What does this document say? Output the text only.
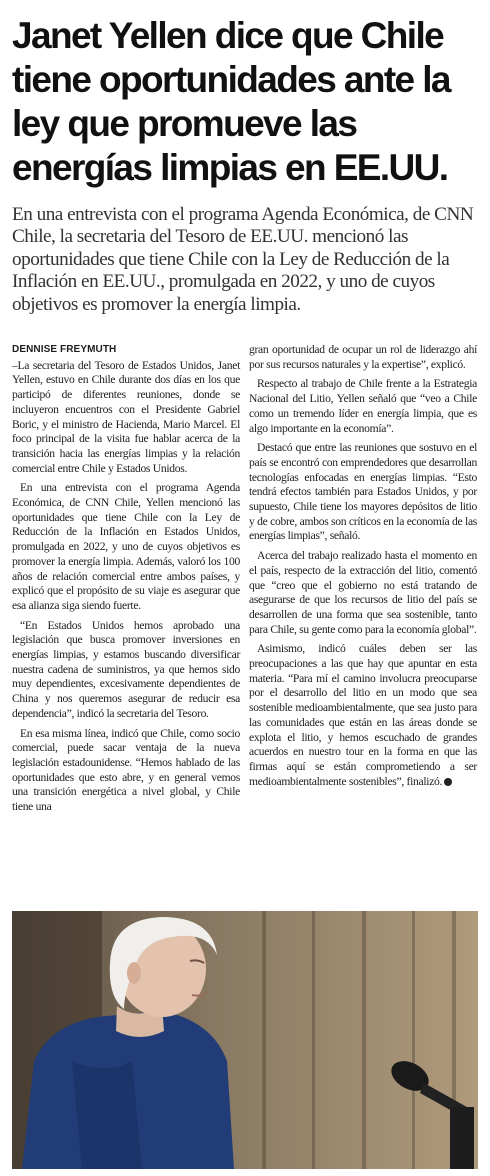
Janet Yellen dice que Chile tiene oportunidades ante la ley que promueve las energías limpias en EE.UU.

En una entrevista con el programa Agenda Económica, de CNN Chile, la secretaria del Tesoro de EE.UU. mencionó las oportunidades que tiene Chile con la Ley de Reducción de la Inflación en EE.UU., promulgada en 2022, y uno de cuyos objetivos es promover la energía limpia.

DENNISE FREYMUTH

–La secretaria del Tesoro de Estados Unidos, Janet Yellen, estuvo en Chile durante dos días en los que participó de diferentes reuniones, donde se incluyeron encuentros con el Presidente Gabriel Boric, y el ministro de Hacienda, Mario Marcel. El foco principal de la visita fue hablar acerca de la transición hacia las energías limpias y la relación comercial entre Chile y Estados Unidos.

En una entrevista con el programa Agenda Económica, de CNN Chile, Yellen mencionó las oportunidades que tiene Chile con la Ley de Reducción de la Inflación en Estados Unidos, promulgada en 2022, y uno de cuyos objetivos es promover la energía limpia. Además, valoró los 100 años de relación comercial entre ambos países, y explicó que el propósito de su viaje es asegurar que esa alianza siga siendo fuerte.

“En Estados Unidos hemos aprobado una legislación que busca promover inversiones en energías limpias, y estamos buscando diversificar nuestra cadena de suministros, ya que hemos sido muy dependientes, excesivamente dependientes de China y nos queremos asegurar de reducir esa dependencia”, indicó la secretaria del Tesoro.

En esa misma línea, indicó que Chile, como socio comercial, puede sacar ventaja de la nueva legislación estadounidense. “Hemos hablado de las oportunidades que esto abre, y en general vemos una transición energética a nivel global, y Chile tiene una

gran oportunidad de ocupar un rol de liderazgo ahí por sus recursos naturales y la expertise”, explicó.

Respecto al trabajo de Chile frente a la Estrategia Nacional del Litio, Yellen señaló que “veo a Chile como un tremendo líder en energía limpia, que es algo importante en la economía”.

Destacó que entre las reuniones que sostuvo en el país se encontró con emprendedores que desarrollan tecnologías enfocadas en energías limpias. “Esto tendrá efectos también para Estados Unidos, y por supuesto, Chile tiene los mayores depósitos de litio y de cobre, ambos son críticos en la economía de las energías limpias”, señaló.

Acerca del trabajo realizado hasta el momento en el país, respecto de la extracción del litio, comentó que “creo que el gobierno no está tratando de asegurarse de que los recursos de litio del país se desarrollen de una forma que sea sostenible, tanto para Chile, su gente como para la economía global”.

Asimismo, indicó cuáles deben ser las preocupaciones a las que hay que apuntar en esta materia. “Para mí el camino involucra preocuparse por el desarrollo del litio en un modo que sea sostenible medioambientalmente, que sea justo para las comunidades que están en las áreas donde se explota el litio, y hemos escuchado de grandes acuerdos en nuestro tour en la forma en que las firmas aquí se están comprometiendo a ser medioambientalmente sostenibles”, finalizó.
